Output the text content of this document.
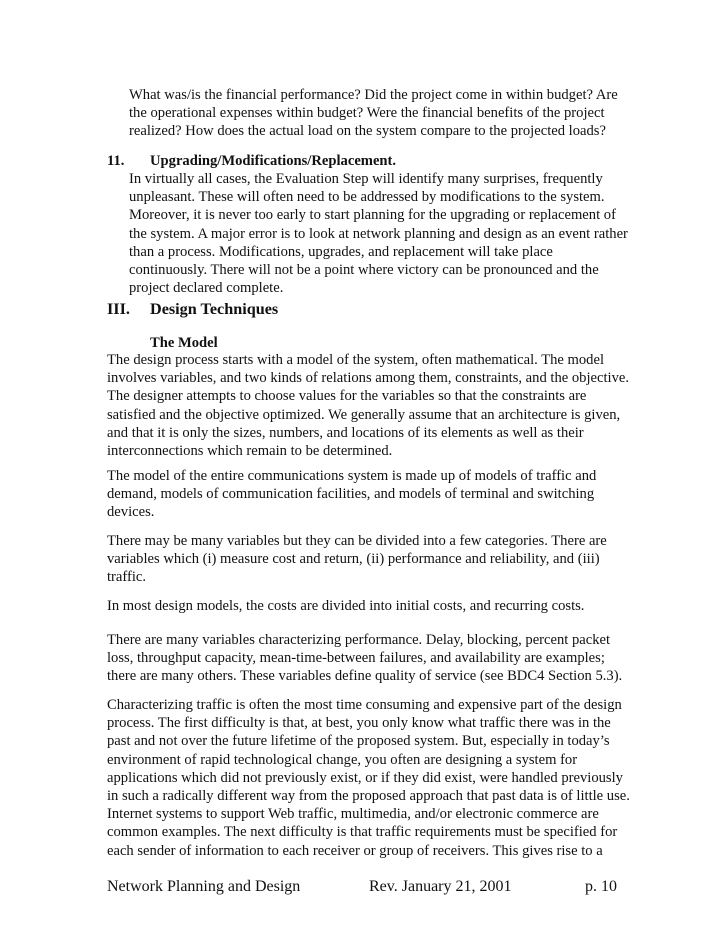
What was/is the financial performance? Did the project come in within budget? Are
the operational expenses within budget? Were the financial benefits of the project
realized? How does the actual load on the system compare to the projected loads?
11. Upgrading/Modifications/Replacement.
In virtually all cases, the Evaluation Step will identify many surprises, frequently
unpleasant. These will often need to be addressed by modifications to the system.
Moreover, it is never too early to start planning for the upgrading or replacement of
the system. A major error is to look at network planning and design as an event rather
than a process. Modifications, upgrades, and replacement will take place
continuously. There will not be a point where victory can be pronounced and the
project declared complete.
III. Design Techniques
The Model
The design process starts with a model of the system, often mathematical. The model
involves variables, and two kinds of relations among them, constraints, and the objective.
The designer attempts to choose values for the variables so that the constraints are
satisfied and the objective optimized. We generally assume that an architecture is given,
and that it is only the sizes, numbers, and locations of its elements as well as their
interconnections which remain to be determined.
The model of the entire communications system is made up of models of traffic and
demand, models of communication facilities, and models of terminal and switching
devices.
There may be many variables but they can be divided into a few categories. There are
variables which (i) measure cost and return, (ii) performance and reliability, and (iii)
traffic.
In most design models, the costs are divided into initial costs, and recurring costs.
There are many variables characterizing performance. Delay, blocking, percent packet
loss, throughput capacity, mean-time-between failures, and availability are examples;
there are many others. These variables define quality of service (see BDC4 Section 5.3).
Characterizing traffic is often the most time consuming and expensive part of the design
process. The first difficulty is that, at best, you only know what traffic there was in the
past and not over the future lifetime of the proposed system. But, especially in today’s
environment of rapid technological change, you often are designing a system for
applications which did not previously exist, or if they did exist, were handled previously
in such a radically different way from the proposed approach that past data is of little use.
Internet systems to support Web traffic, multimedia, and/or electronic commerce are
common examples. The next difficulty is that traffic requirements must be specified for
each sender of information to each receiver or group of receivers. This gives rise to a
Network Planning and Design	Rev. January 21, 2001	p. 10
